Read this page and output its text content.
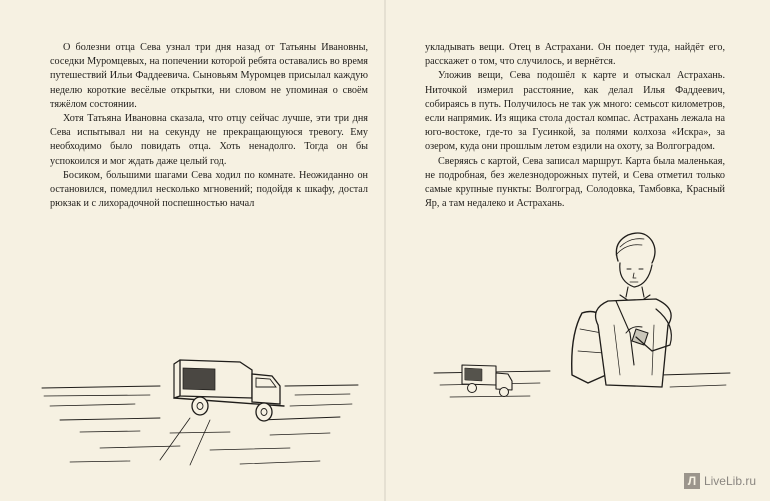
О болезни отца Сева узнал три дня назад от Татьяны Ивановны, соседки Муромцевых, на попечении которой ребята оставались во время путешествий Ильи Фаддеевича. Сыновьям Муромцев присылал каждую неделю короткие весёлые открытки, ни словом не упоминая о своём тяжёлом состоянии.

Хотя Татьяна Ивановна сказала, что отцу сейчас лучше, эти три дня Сева испытывал ни на секунду не прекращающуюся тревогу. Ему необходимо было повидать отца. Хоть ненадолго. Тогда он бы успокоился и мог ждать даже целый год.

Босиком, большими шагами Сева ходил по комнате. Неожиданно он остановился, помедлил несколько мгновений; подойдя к шкафу, достал рюкзак и с лихорадочной поспешностью начал

укладывать вещи. Отец в Астрахани. Он поедет туда, найдёт его, расскажет о том, что случилось, и вернётся.

Уложив вещи, Сева подошёл к карте и отыскал Астрахань. Ниточкой измерил расстояние, как делал Илья Фаддеевич, собираясь в путь. Получилось не так уж много: семьсот километров, если напрямик. Из ящика стола достал компас. Астрахань лежала на юго-востоке, где-то за Гусинкой, за полями колхоза «Искра», за озером, куда они прошлым летом ездили на охоту, за Волгоградом.

Сверяясь с картой, Сева записал маршрут. Карта была маленькая, не подробная, без железнодорожных путей, и Сева отметил только самые крупные пункты: Волгоград, Солодовка, Тамбовка, Красный Яр, а там недалеко и Астрахань.

Л LiveLib.ru
